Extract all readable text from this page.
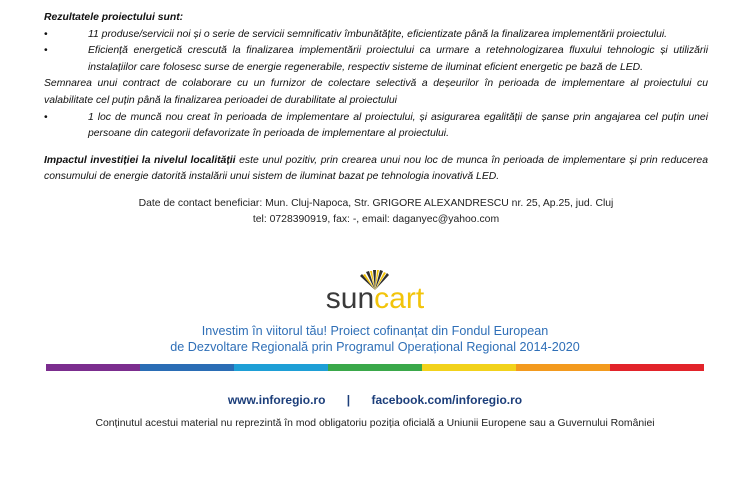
Rezultatele proiectului sunt:
•	11 produse/servicii noi și o serie de servicii semnificativ îmbunătățite, eficientizate până la finalizarea implementării proiectului.
•	Eficiență energetică crescută la finalizarea implementării proiectului ca urmare a retehnologizarea fluxului tehnologic și utilizării instalațiilor care folosesc surse de energie regenerabile, respectiv sisteme de iluminat eficient energetic pe bază de LED.
Semnarea unui contract de colaborare cu un furnizor de colectare selectivă a deșeurilor în perioada de implementare al proiectului cu valabilitate cel puțin până la finalizarea perioadei de durabilitate al proiectului
•	1 loc de muncă nou creat în perioada de implementare al proiectului, și asigurarea egalității de șanse prin angajarea cel puțin unei persoane din categorii defavorizate în perioada de implementare al proiectului.
Impactul investiției la nivelul localității este unul pozitiv, prin crearea unui nou loc de munca în perioada de implementare și prin reducerea consumului de energie datorită instalării unui sistem de iluminat bazat pe tehnologia inovativă LED.
Date de contact beneficiar: Mun. Cluj-Napoca, Str. GRIGORE ALEXANDRESCU nr. 25, Ap.25, jud. Cluj
tel: 0728390919, fax: -, email: daganyec@yahoo.com
suncart
Investim în viitorul tău! Proiect cofinanțat din Fondul European
de Dezvoltare Regională prin Programul Operațional Regional 2014-2020
www.inforegio.ro | facebook.com/inforegio.ro
Conținutul acestui material nu reprezintă în mod obligatoriu poziția oficială a Uniunii Europene sau a Guvernului României
